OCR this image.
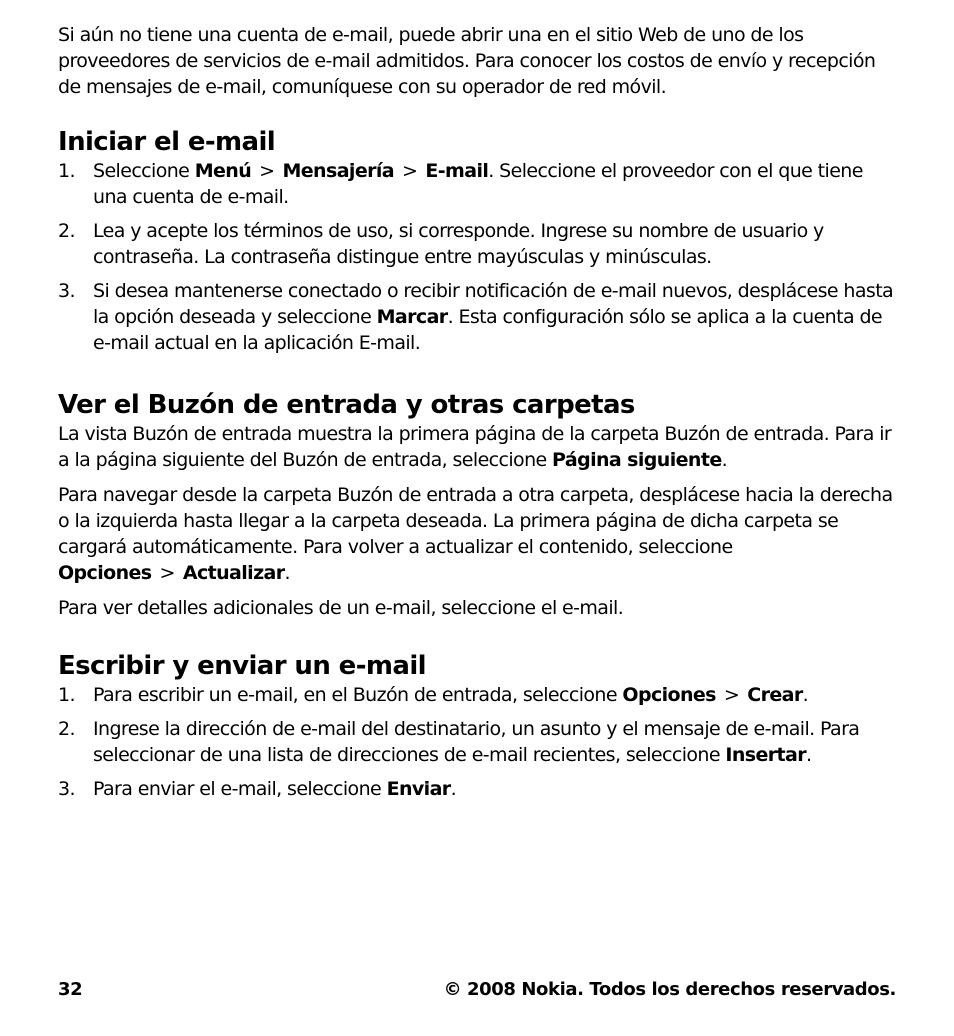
Si aún no tiene una cuenta de e-mail, puede abrir una en el sitio Web de uno de los proveedores de servicios de e-mail admitidos. Para conocer los costos de envío y recepción de mensajes de e-mail, comuníquese con su operador de red móvil.

Iniciar el e-mail
1. Seleccione Menú > Mensajería > E-mail. Seleccione el proveedor con el que tiene una cuenta de e-mail.
2. Lea y acepte los términos de uso, si corresponde. Ingrese su nombre de usuario y contraseña. La contraseña distingue entre mayúsculas y minúsculas.
3. Si desea mantenerse conectado o recibir notificación de e-mail nuevos, desplácese hasta la opción deseada y seleccione Marcar. Esta configuración sólo se aplica a la cuenta de e-mail actual en la aplicación E-mail.
Ver el Buzón de entrada y otras carpetas

La vista Buzón de entrada muestra la primera página de la carpeta Buzón de entrada. Para ir a la página siguiente del Buzón de entrada, seleccione Página siguiente.

Para navegar desde la carpeta Buzón de entrada a otra carpeta, desplácese hacia la derecha o la izquierda hasta llegar a la carpeta deseada. La primera página de dicha carpeta se cargará automáticamente. Para volver a actualizar el contenido, seleccione Opciones > Actualizar.

Para ver detalles adicionales de un e-mail, seleccione el e-mail.

Escribir y enviar un e-mail
1. Para escribir un e-mail, en el Buzón de entrada, seleccione Opciones > Crear.
2. Ingrese la dirección de e-mail del destinatario, un asunto y el mensaje de e-mail. Para seleccionar de una lista de direcciones de e-mail recientes, seleccione Insertar.
3. Para enviar el e-mail, seleccione Enviar.
32	© 2008 Nokia. Todos los derechos reservados.
